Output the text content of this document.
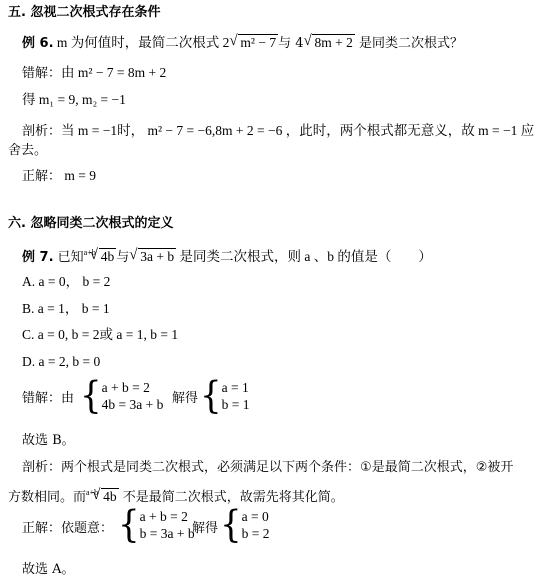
五. 忽视二次根式存在条件
例 6. m 为何值时，最简二次根式 2 √ m² − 7 与 4 √ 8m + 2 是同类二次根式？
错解：由 m² − 7 = 8m + 2
得 m₁ = 9, m₂ = −1
剖析：当 m = −1时， m² − 7 = −6,8m + 2 = −6 ，此时，两个根式都无意义，故 m = −1 应
舍去。
正解： m = 9
六. 忽略同类二次根式的定义
例 7. 已知$^{a+b}$ √ 4b 与 √ 3a + b 是同类二次根式，则 a 、b 的值是（　　）
A. a = 0， b = 2
B. a = 1， b = 1
C. a = 0, b = 2或 a = 1, b = 1
D. a = 2, b = 0
错解：由 { a + b = 2
4b = 3a + b 解得 { a = 1
b = 1
故选 B。
剖析：两个根式是同类二次根式，必须满足以下两个条件：①是最简二次根式，②被开
方数相同。而$^{a+b}$ √ 4b 不是最简二次根式，故需先将其化简。
正解：依题意： { a + b = 2
b = 3a + b
解得 { a = 0
b = 2
故选 A。
